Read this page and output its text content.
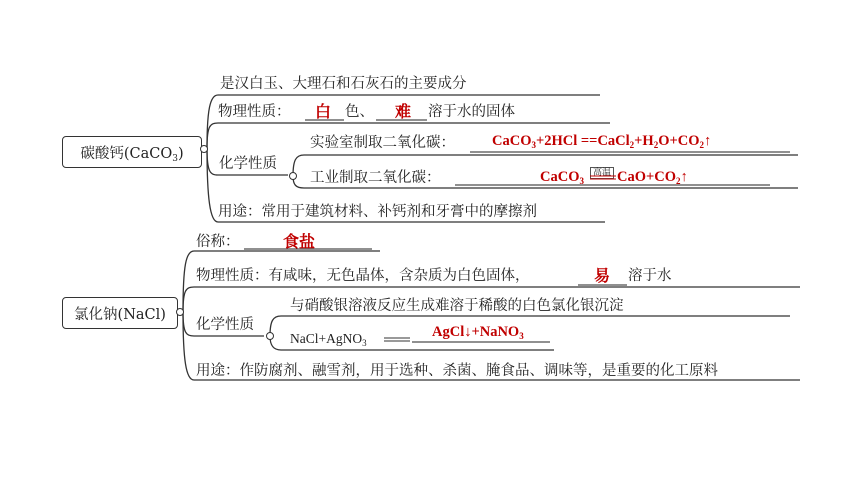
碳酸钙(CaCO$_3$)
是汉白玉、大理石和石灰石的主要成分
物理性质： 白 色、 难 溶于水的固体
化学性质
实验室制取二氧化碳：	CaCO$_3$+2HCl $==CaCl_2+H_2O+CO_2↑$
工业制取二氧化碳：	CaCO$_3$
高温 $CaO+CO_2↑$
用途：常用于建筑材料、补钙剂和牙膏中的摩擦剂
氯化钠(NaCl)
俗称：	食盐
物理性质：有咸味，无色晶体，含杂质为白色固体，	易 溶于水
化学性质
与硝酸银溶液反应生成难溶于稀酸的白色氯化银沉淀
NaCl+AgNO$_3$
AgCl↓+NaNO$_3$
用途：作防腐剂、融雪剂，用于选种、杀菌、腌食品、调味等，是重要的化工原料
